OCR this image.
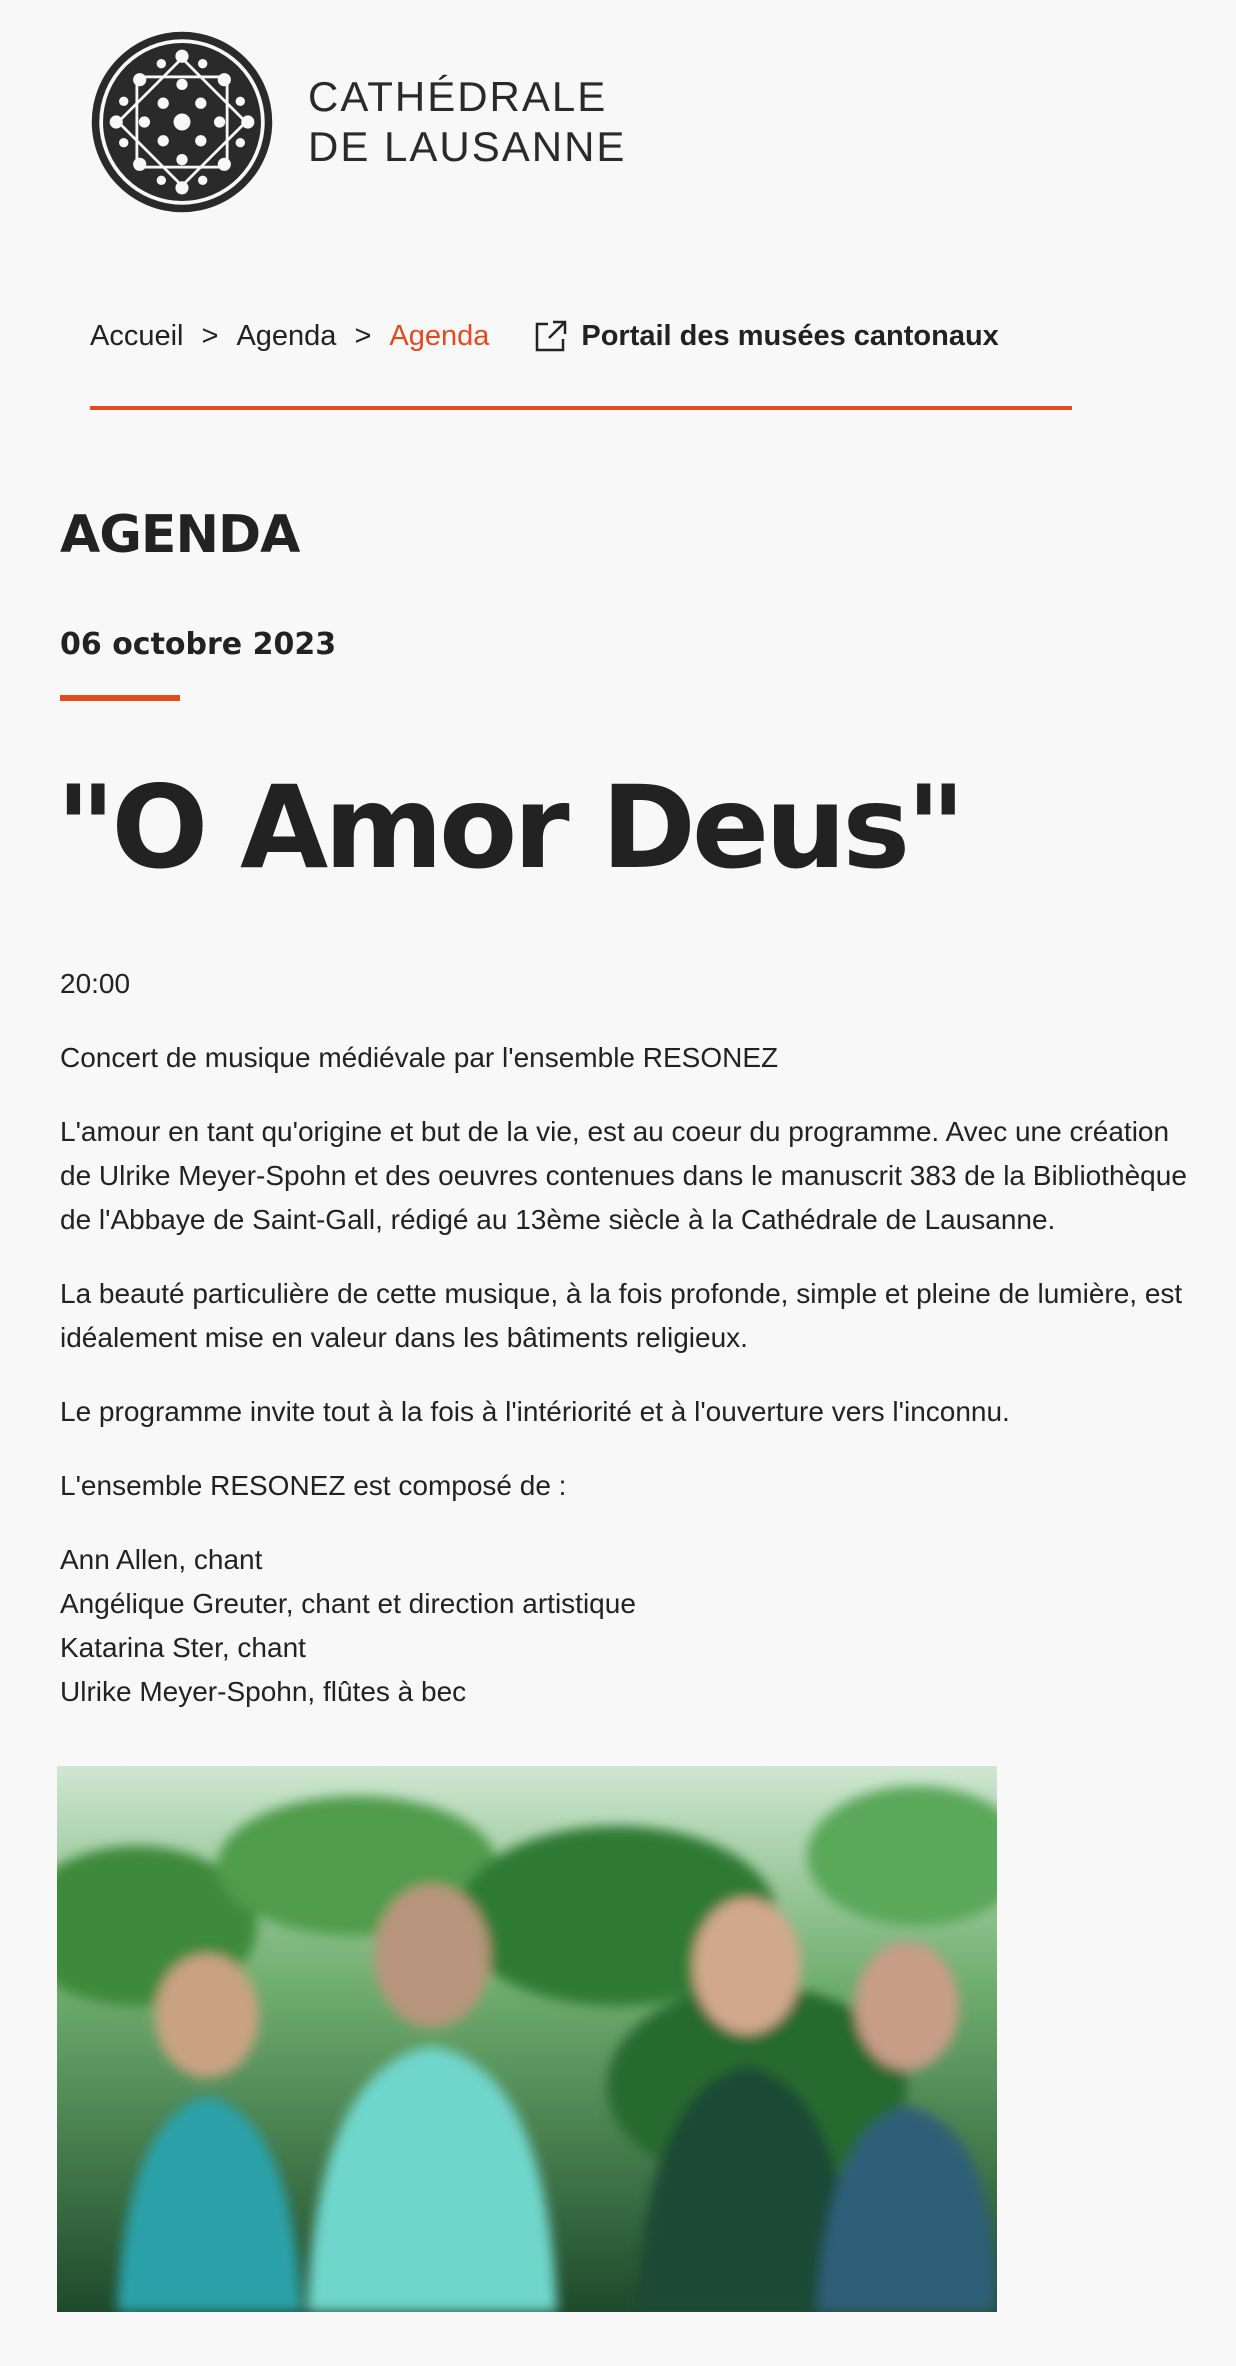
CATHÉDRALE
DE LAUSANNE
Accueil > Agenda > Agenda	Portail des musées cantonaux
AGENDA

06 octobre 2023

"O Amor Deus"

20:00

Concert de musique médiévale par l'ensemble RESONEZ

L'amour en tant qu'origine et but de la vie, est au coeur du programme. Avec une création de Ulrike Meyer-Spohn et des oeuvres contenues dans le manuscrit 383 de la Bibliothèque de l'Abbaye de Saint-Gall, rédigé au 13ème siècle à la Cathédrale de Lausanne.

La beauté particulière de cette musique, à la fois profonde, simple et pleine de lumière, est idéalement mise en valeur dans les bâtiments religieux.

Le programme invite tout à la fois à l'intériorité et à l'ouverture vers l'inconnu.

L'ensemble RESONEZ est composé de :

Ann Allen, chant
Angélique Greuter, chant et direction artistique
Katarina Ster, chant
Ulrike Meyer-Spohn, flûtes à bec
